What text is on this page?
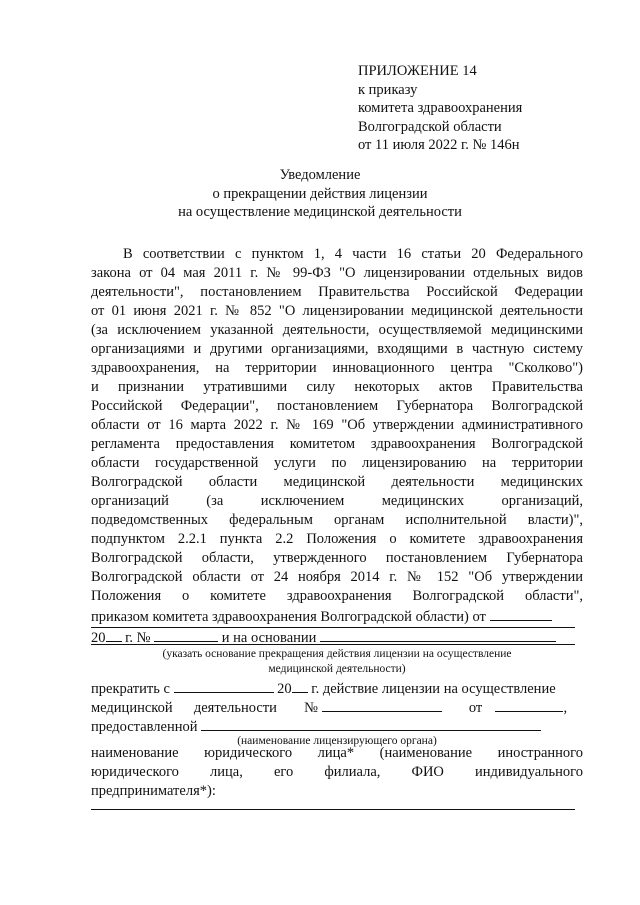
ПРИЛОЖЕНИЕ 14
к приказу
комитета здравоохранения
Волгоградской области
от 11 июля 2022 г. № 146н
Уведомление
о прекращении действия лицензии
на осуществление медицинской деятельности
В соответствии с пунктом 1, 4 части 16 статьи 20 Федерального
закона от 04 мая 2011 г. № 99-ФЗ "О лицензировании отдельных видов
деятельности", постановлением Правительства Российской Федерации
от 01 июня 2021 г. № 852 "О лицензировании медицинской деятельности
(за исключением указанной деятельности, осуществляемой медицинскими
организациями и другими организациями, входящими в частную систему
здравоохранения, на территории инновационного центра "Сколково")
и признании утратившими силу некоторых актов Правительства
Российской Федерации", постановлением Губернатора Волгоградской
области от 16 марта 2022 г. № 169 "Об утверждении административного
регламента предоставления комитетом здравоохранения Волгоградской
области государственной услуги по лицензированию на территории
Волгоградской области медицинской деятельности медицинских
организаций (за исключением медицинских организаций,
подведомственных федеральным органам исполнительной власти)",
подпунктом 2.2.1 пункта 2.2 Положения о комитете здравоохранения
Волгоградской области, утвержденного постановлением Губернатора
Волгоградской области от 24 ноября 2014 г. № 152 "Об утверждении
Положения о комитете здравоохранения Волгоградской области",
приказом комитета здравоохранения Волгоградской области) от
20 г. №	и на основании
(указать основание прекращения действия лицензии на осуществление
медицинской деятельности)
прекратить с	20 г. действие лицензии на осуществление
медицинской деятельности №	от	,
предоставленной
(наименование лицензирующего органа)
наименование юридического лица* (наименование иностранного
юридического лица, его филиала, ФИО индивидуального
предпринимателя*):
